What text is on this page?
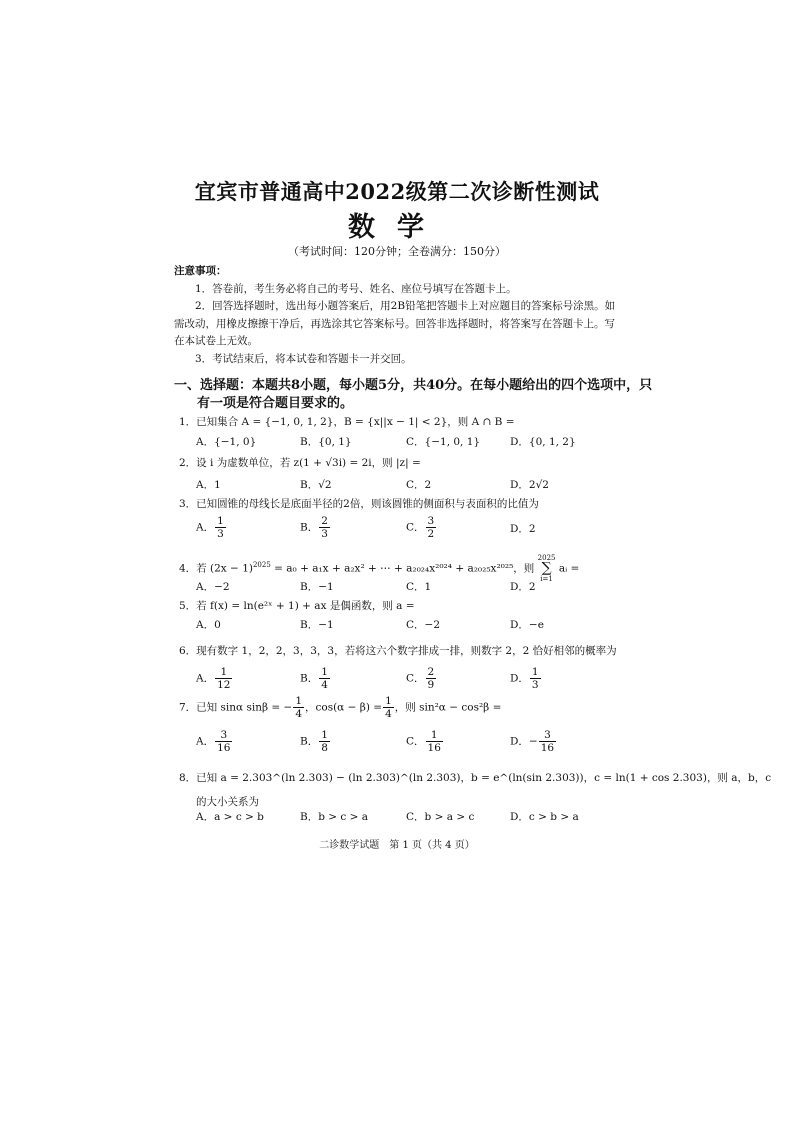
宜宾市普通高中2022级第二次诊断性测试
数学
（考试时间：120分钟；全卷满分：150分）

注意事项：

1．答卷前，考生务必将自己的考号、姓名、座位号填写在答题卡上。

2．回答选择题时，选出每小题答案后，用2B铅笔把答题卡上对应题目的答案标号涂黑。如需改动，用橡皮擦擦干净后，再选涂其它答案标号。回答非选择题时，将答案写在答题卡上。写在本试卷上无效。

3．考试结束后，将本试卷和答题卡一并交回。

一、选择题：本题共8小题，每小题5分，共40分。在每小题给出的四个选项中，只
有一项是符合题目要求的。
1．已知集合 A = {−1, 0, 1, 2}，B = {x||x − 1| < 2}，则 A ∩ B =
A．{−1, 0}	B．{0, 1}	C．{−1, 0, 1}	D．{0, 1, 2}
2．设 i 为虚数单位，若 z(1 + √3i) = 2i，则 |z| =
A．1	B．√2	C．2	D．2√2
3．已知圆锥的母线长是底面半径的2倍，则该圆锥的侧面积与表面积的比值为
A． $\frac{1}{3}$	B． $\frac{2}{3}$	C． $\frac{3}{2}$	D．2
4．若 $(2x - 1)^{2025} = a_0 + a_1x + a_2x^2$ + ⋯ + a₂₀₂₄x²⁰²⁴ + a₂₀₂₅x²⁰²⁵，则
2025
∑
i=1
aᵢ =
A．−2	B．−1	C．1	D．2
5．若 f(x) = ln(e²ˣ + 1) + ax 是偶函数，则 a =
A．0	B．−1	C．−2	D．−e
6．现有数字 1，2，2，3，3，3，若将这六个数字排成一排，则数字 2，2 恰好相邻的概率为
A． $\frac{1}{12}$	B． $\frac{1}{4}$	C． $\frac{2}{9}$	D． $\frac{1}{3}$
7．已知 sinα sinβ = − $\frac{1}{4}$ ，$\cos(\alpha - \beta) = \frac{1}{4}$ ，则 sin²α − cos²β =
A． $\frac{3}{16}$	B． $\frac{1}{8}$	C． $\frac{1}{16}$	D．− $\frac{3}{16}$
8．已知 a = 2.303^(ln 2.303) − (ln 2.303)^(ln 2.303)，b = e^(ln(sin 2.303))，c = ln(1 + cos 2.303)，则 a，b，c
的大小关系为
A．a > c > b	B．b > c > a	C．b > a > c	D．c > b > a
二诊数学试题　第 1 页（共 4 页）
